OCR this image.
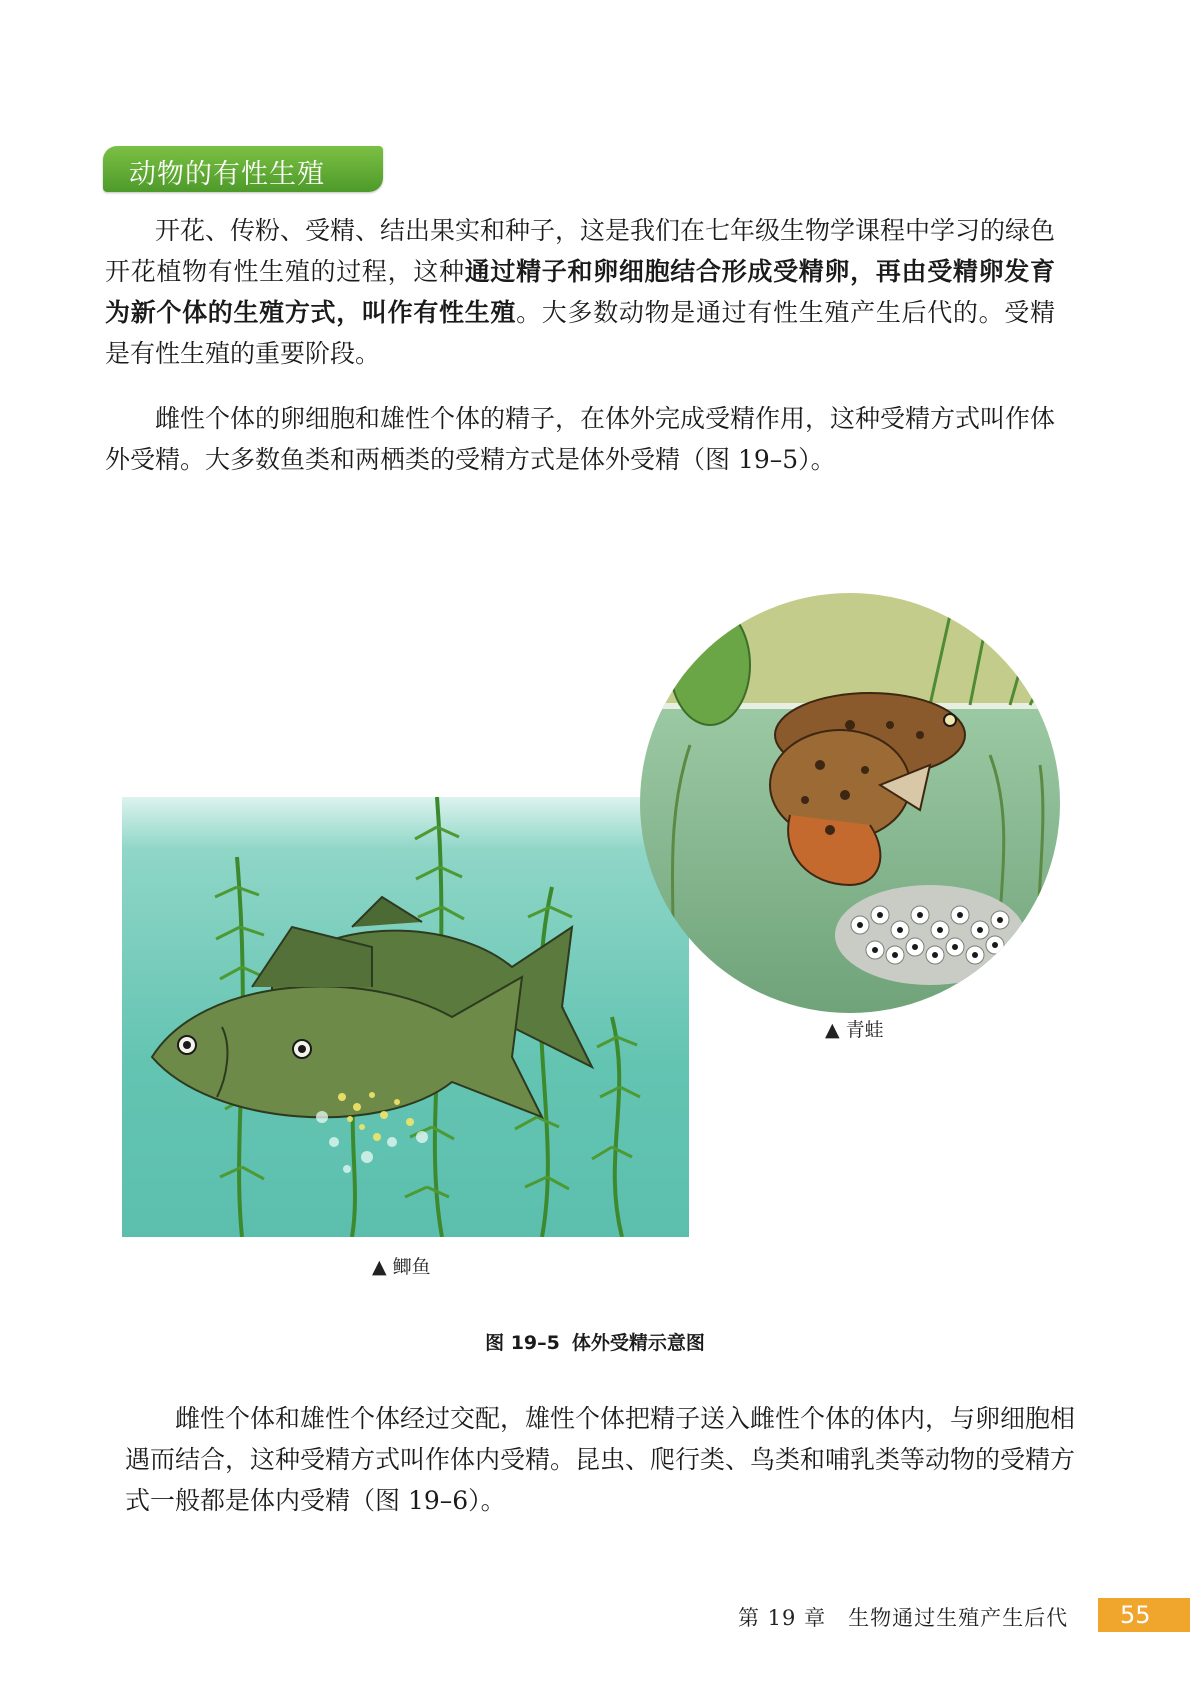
动物的有性生殖

开花、传粉、受精、结出果实和种子，这是我们在七年级生物学课程中学习的绿色开花植物有性生殖的过程，这种通过精子和卵细胞结合形成受精卵，再由受精卵发育为新个体的生殖方式，叫作有性生殖。大多数动物是通过有性生殖产生后代的。受精是有性生殖的重要阶段。

雌性个体的卵细胞和雄性个体的精子，在体外完成受精作用，这种受精方式叫作体外受精。大多数鱼类和两栖类的受精方式是体外受精（图 19–5）。

▲ 青蛙
▲ 鲫鱼
图 19–5 体外受精示意图

雌性个体和雄性个体经过交配，雄性个体把精子送入雌性个体的体内，与卵细胞相遇而结合，这种受精方式叫作体内受精。昆虫、爬行类、鸟类和哺乳类等动物的受精方式一般都是体内受精（图 19–6）。

第 19 章　生物通过生殖产生后代 55
